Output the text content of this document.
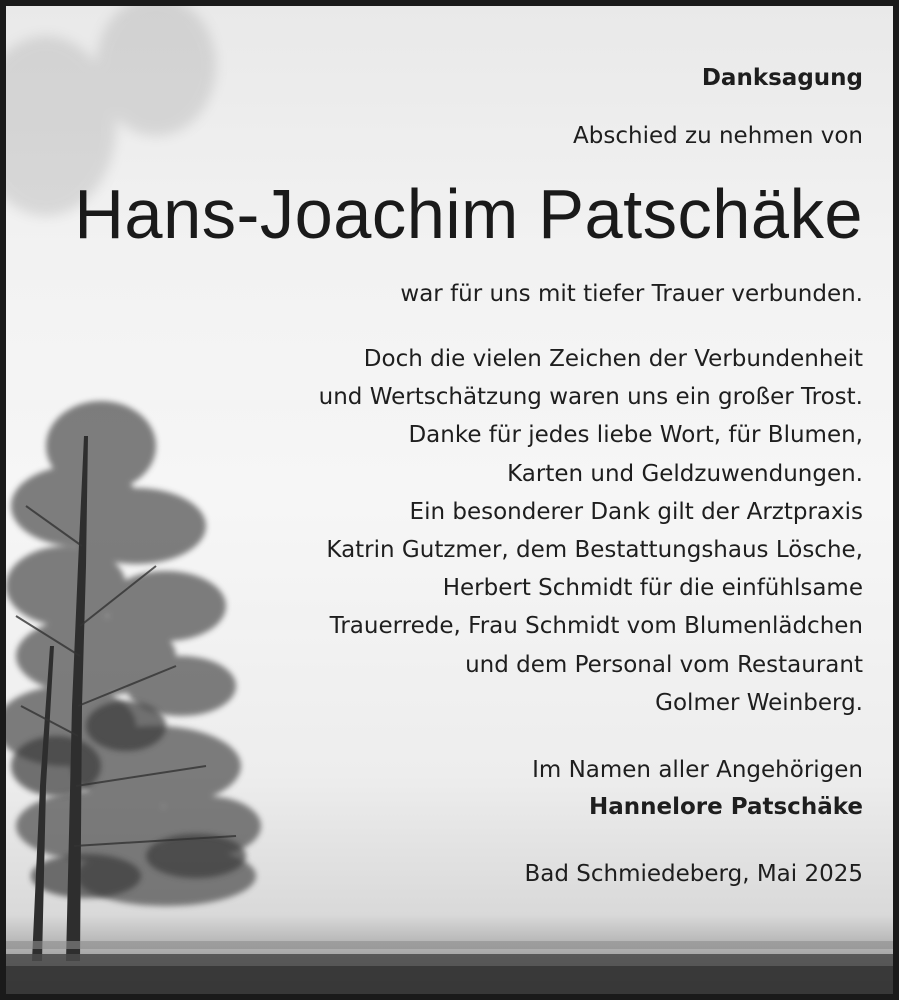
Danksagung
Abschied zu nehmen von
Hans-Joachim Patschäke
war für uns mit tiefer Trauer verbunden.
Doch die vielen Zeichen der Verbundenheit
und Wertschätzung waren uns ein großer Trost.
Danke für jedes liebe Wort, für Blumen,
Karten und Geldzuwendungen.
Ein besonderer Dank gilt der Arztpraxis
Katrin Gutzmer, dem Bestattungshaus Lösche,
Herbert Schmidt für die einfühlsame
Trauerrede, Frau Schmidt vom Blumenlädchen
und dem Personal vom Restaurant
Golmer Weinberg.
Im Namen aller Angehörigen
Hannelore Patschäke
Bad Schmiedeberg, Mai 2025
